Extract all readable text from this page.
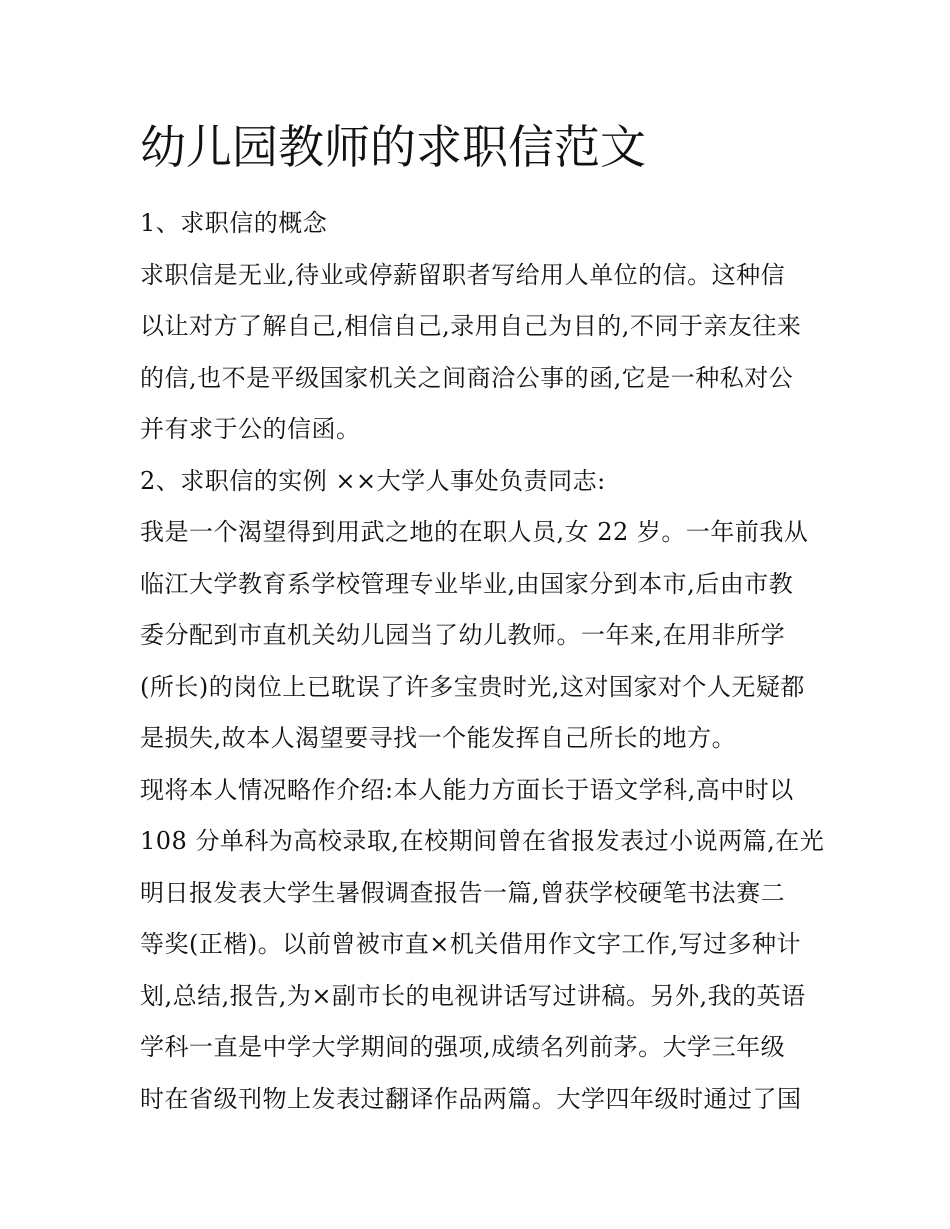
幼儿园教师的求职信范文
1、求职信的概念
求职信是无业,待业或停薪留职者写给用人单位的信。这种信
以让对方了解自己,相信自己,录用自己为目的,不同于亲友往来
的信,也不是平级国家机关之间商洽公事的函,它是一种私对公
并有求于公的信函。
2、求职信的实例 ××大学人事处负责同志:
我是一个渴望得到用武之地的在职人员,女 22 岁。一年前我从
临江大学教育系学校管理专业毕业,由国家分到本市,后由市教
委分配到市直机关幼儿园当了幼儿教师。一年来,在用非所学
(所长)的岗位上已耽误了许多宝贵时光,这对国家对个人无疑都
是损失,故本人渴望要寻找一个能发挥自己所长的地方。
现将本人情况略作介绍:本人能力方面长于语文学科,高中时以
108 分单科为高校录取,在校期间曾在省报发表过小说两篇,在光
明日报发表大学生暑假调查报告一篇,曾获学校硬笔书法赛二
等奖(正楷)。以前曾被市直×机关借用作文字工作,写过多种计
划,总结,报告,为×副市长的电视讲话写过讲稿。另外,我的英语
学科一直是中学大学期间的强项,成绩名列前茅。大学三年级
时在省级刊物上发表过翻译作品两篇。大学四年级时通过了国
